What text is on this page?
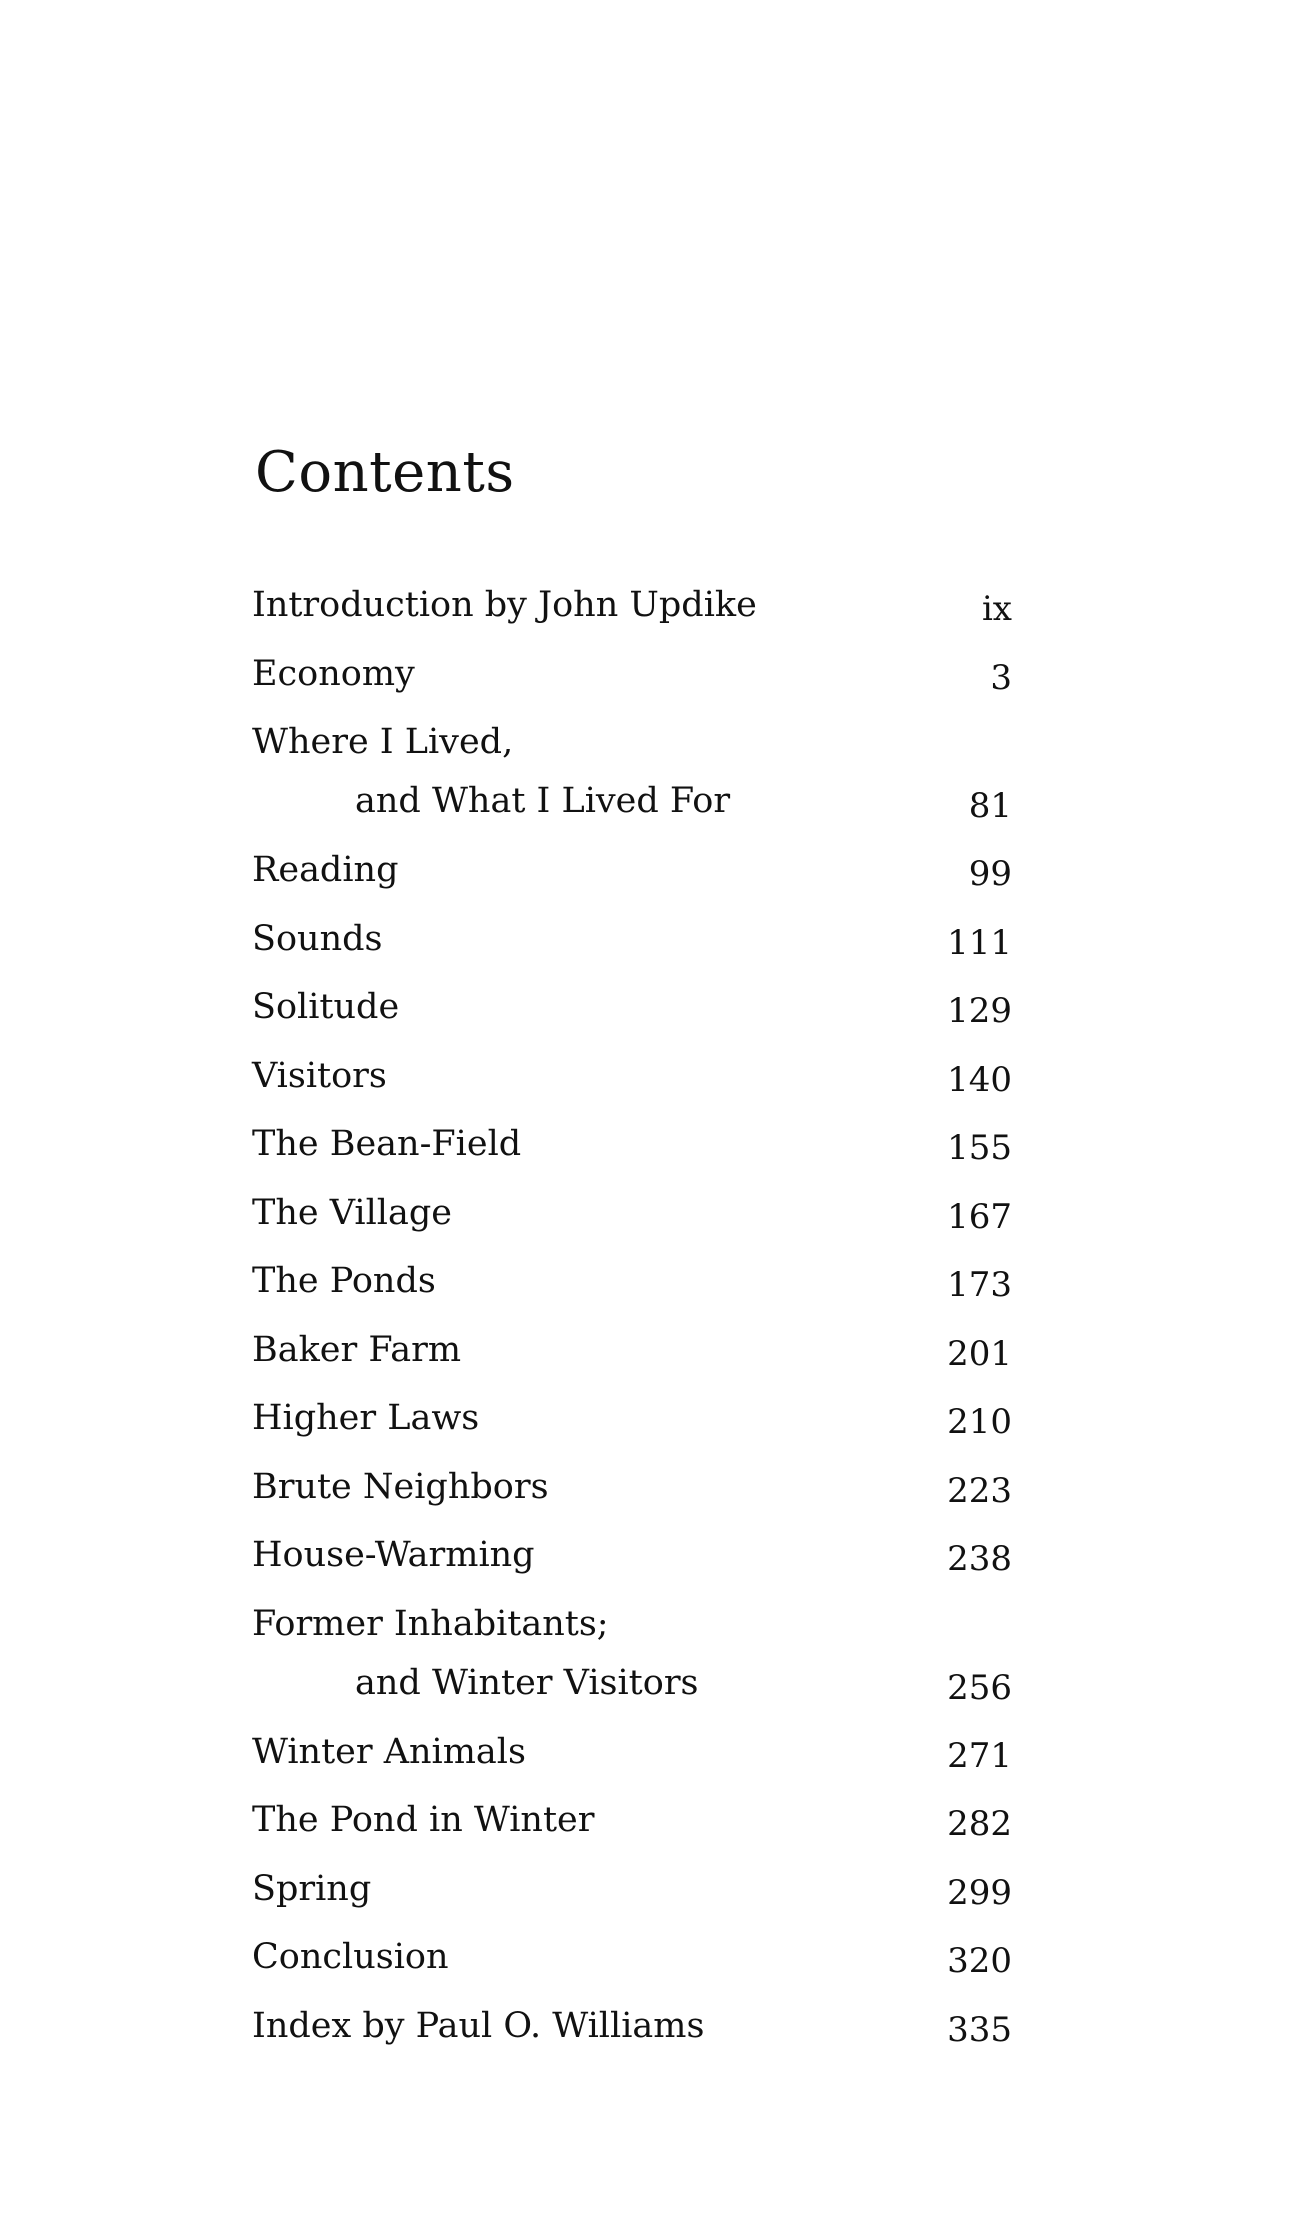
Contents
Introduction by John Updike	ix
Economy	3
Where I Lived,
and What I Lived For	81
Reading	99
Sounds	111
Solitude	129
Visitors	140
The Bean-Field	155
The Village	167
The Ponds	173
Baker Farm	201
Higher Laws	210
Brute Neighbors	223
House-Warming	238
Former Inhabitants;
and Winter Visitors	256
Winter Animals	271
The Pond in Winter	282
Spring	299
Conclusion	320
Index by Paul O. Williams	335
